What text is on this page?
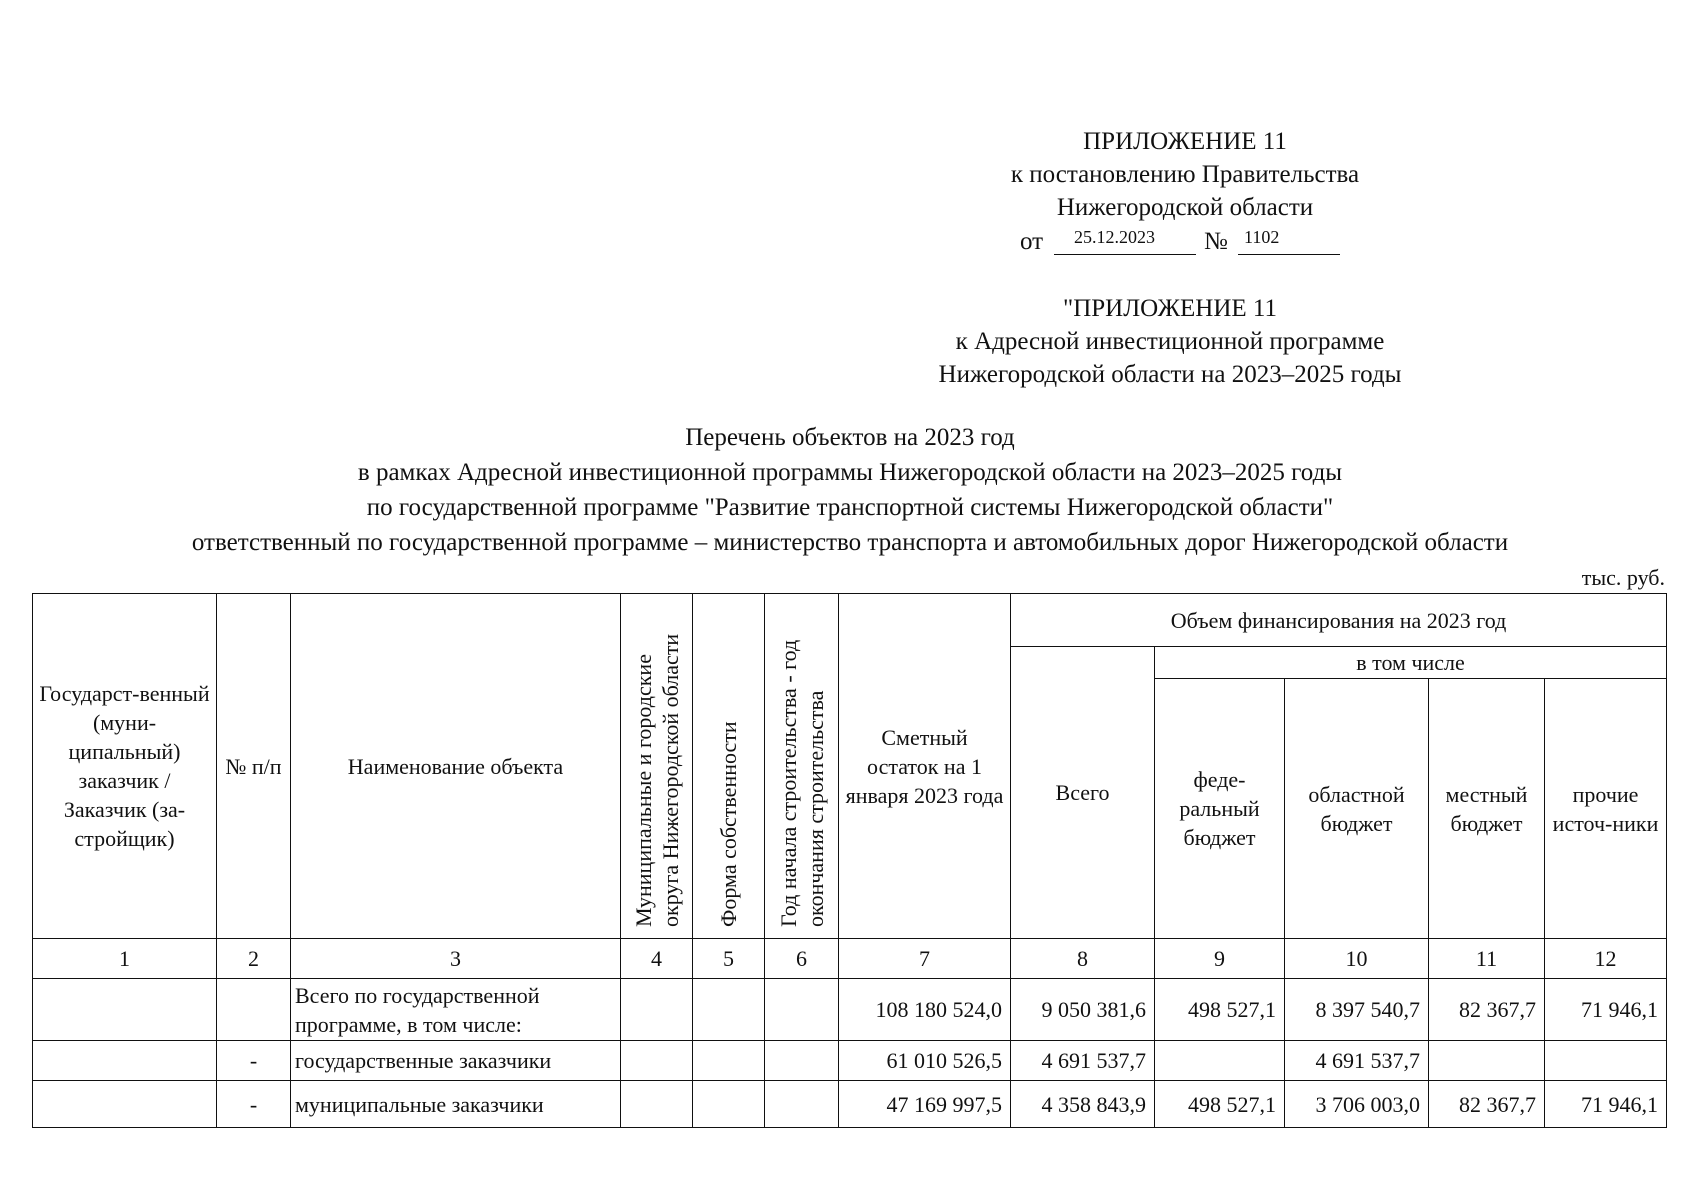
ПРИЛОЖЕНИЕ 11
к постановлению Правительства
Нижегородской области
от	25.12.2023	№ 1102
"ПРИЛОЖЕНИЕ 11
к Адресной инвестиционной программе
Нижегородской области на 2023–2025 годы
Перечень объектов на 2023 год
в рамках Адресной инвестиционной программы Нижегородской области на 2023–2025 годы
по государственной программе "Развитие транспортной системы Нижегородской области"
ответственный по государственной программе – министерство транспорта и автомобильных дорог Нижегородской области
тыс. руб.
Государст-венный (муни-ципальный) заказчик / Заказчик (за-стройщик)	№ п/п	Наименование объекта	Муниципальные и городские округа Нижегородской области	Форма собственности	Год начала строительства - год окончания строительства	Сметный остаток на 1 января 2023 года	Объем финансирования на 2023 год				
							Всего	в том числе			
								феде-ральный бюджет	областной бюджет	местный бюджет	прочие источ-ники
1	2	3	4	5	6	7	8	9	10	11	12
		Всего по государственной программе, в том числе:				108 180 524,0	9 050 381,6	498 527,1	8 397 540,7	82 367,7	71 946,1
	-	государственные заказчики				61 010 526,5	4 691 537,7		4 691 537,7		
	-	муниципальные заказчики				47 169 997,5	4 358 843,9	498 527,1	3 706 003,0	82 367,7	71 946,1
